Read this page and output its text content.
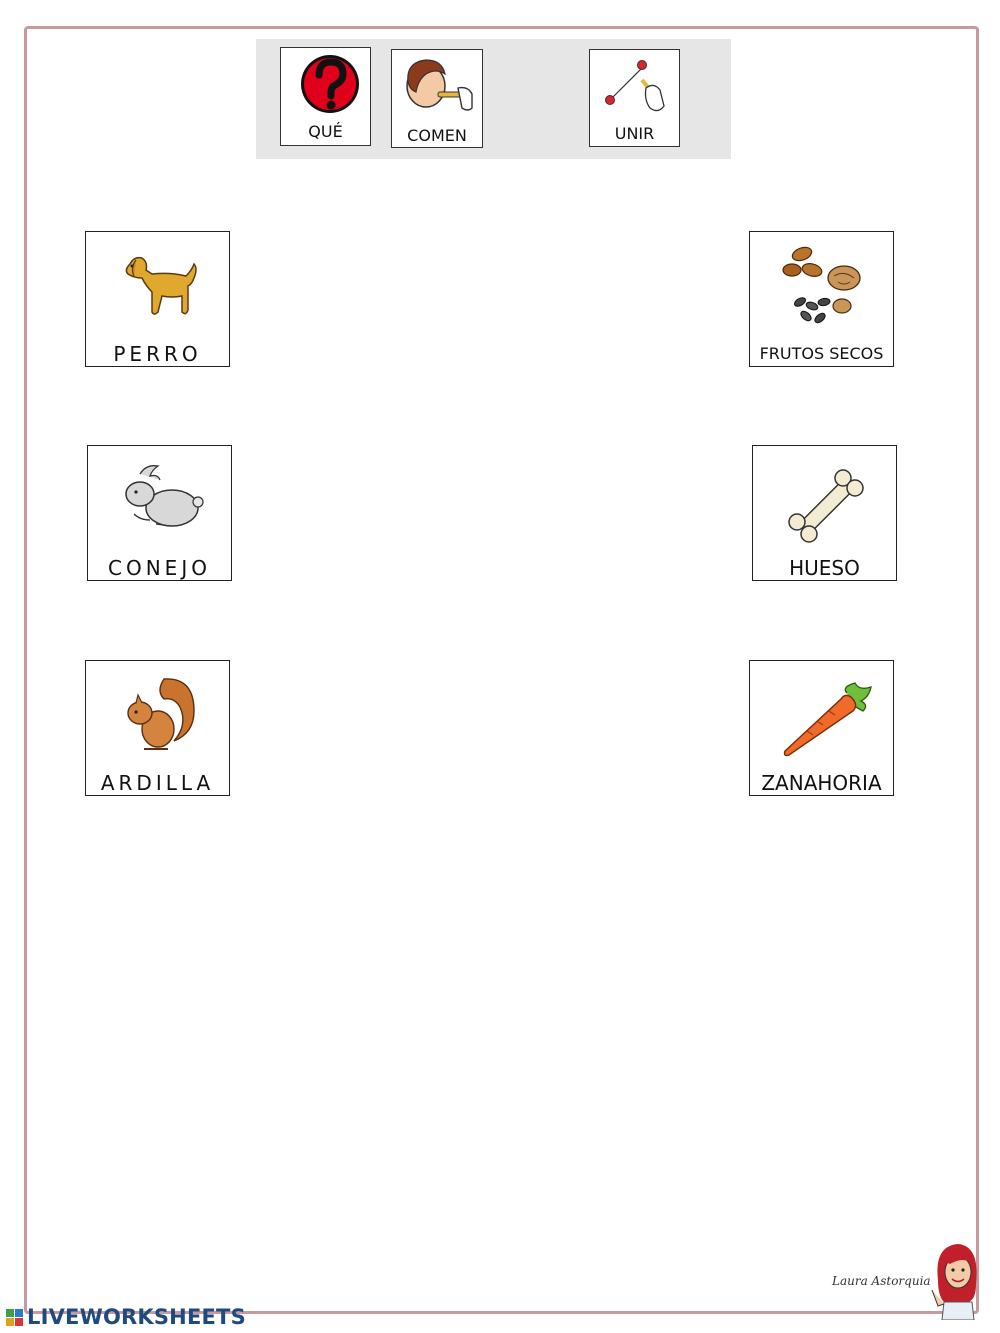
QUÉ	COMEN	UNIR
PERRO
CONEJO
ARDILLA
FRUTOS SECOS
HUESO
ZANAHORIA
Laura Astorquia
LIVEWORKSHEETS
